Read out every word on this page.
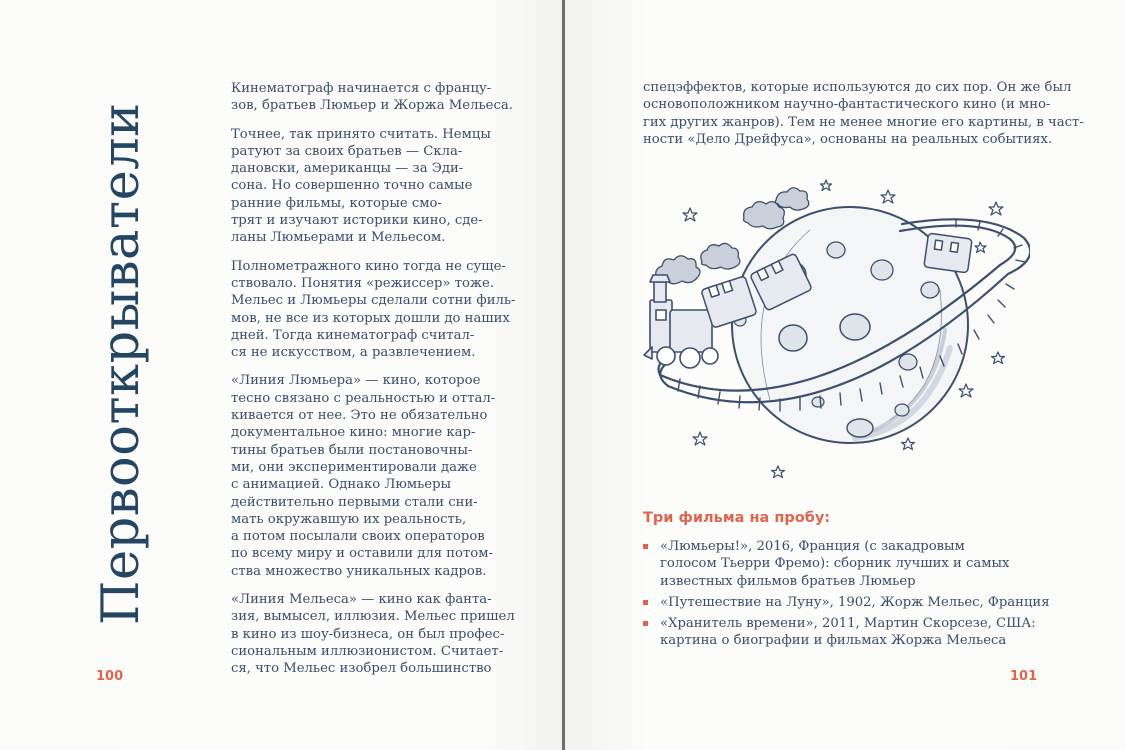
Первооткрыватели

Кинематограф начинается с францу-
зов, братьев Люмьер и Жоржа Мельеса.

Точнее, так принято считать. Немцы
ратуют за своих братьев — Скла-
дановски, американцы — за Эди-
сона. Но совершенно точно самые
ранние фильмы, которые смо-
трят и изучают историки кино, сде-
ланы Люмьерами и Мельесом.

Полнометражного кино тогда не суще-
ствовало. Понятия «режиссер» тоже.
Мельес и Люмьеры сделали сотни филь-
мов, не все из которых дошли до наших
дней. Тогда кинематограф считал-
ся не искусством, а развлечением.

«Линия Люмьера» — кино, которое
тесно связано с реальностью и оттал-
кивается от нее. Это не обязательно
документальное кино: многие кар-
тины братьев были постановочны-
ми, они экспериментировали даже
с анимацией. Однако Люмьеры
действительно первыми стали сни-
мать окружавшую их реальность,
а потом посылали своих операторов
по всему миру и оставили для потом-
ства множество уникальных кадров.

«Линия Мельеса» — кино как фанта-
зия, вымысел, иллюзия. Мельес пришел
в кино из шоу-бизнеса, он был профес-
сиональным иллюзионистом. Считает-
ся, что Мельес изобрел большинство

100

спецэффектов, которые используются до сих пор. Он же был
основоположником научно-фантастического кино (и мно-
гих других жанров). Тем не менее многие его картины, в част-
ности «Дело Дрейфуса», основаны на реальных событиях.

Три фильма на пробу:
«Люмьеры!», 2016, Франция (с закадровым
голосом Тьерри Фремо): сборник лучших и самых
известных фильмов братьев Люмьер
«Путешествие на Луну», 1902, Жорж Мельес, Франция
«Хранитель времени», 2011, Мартин Скорсезе, США:
картина о биографии и фильмах Жоржа Мельеса
101
